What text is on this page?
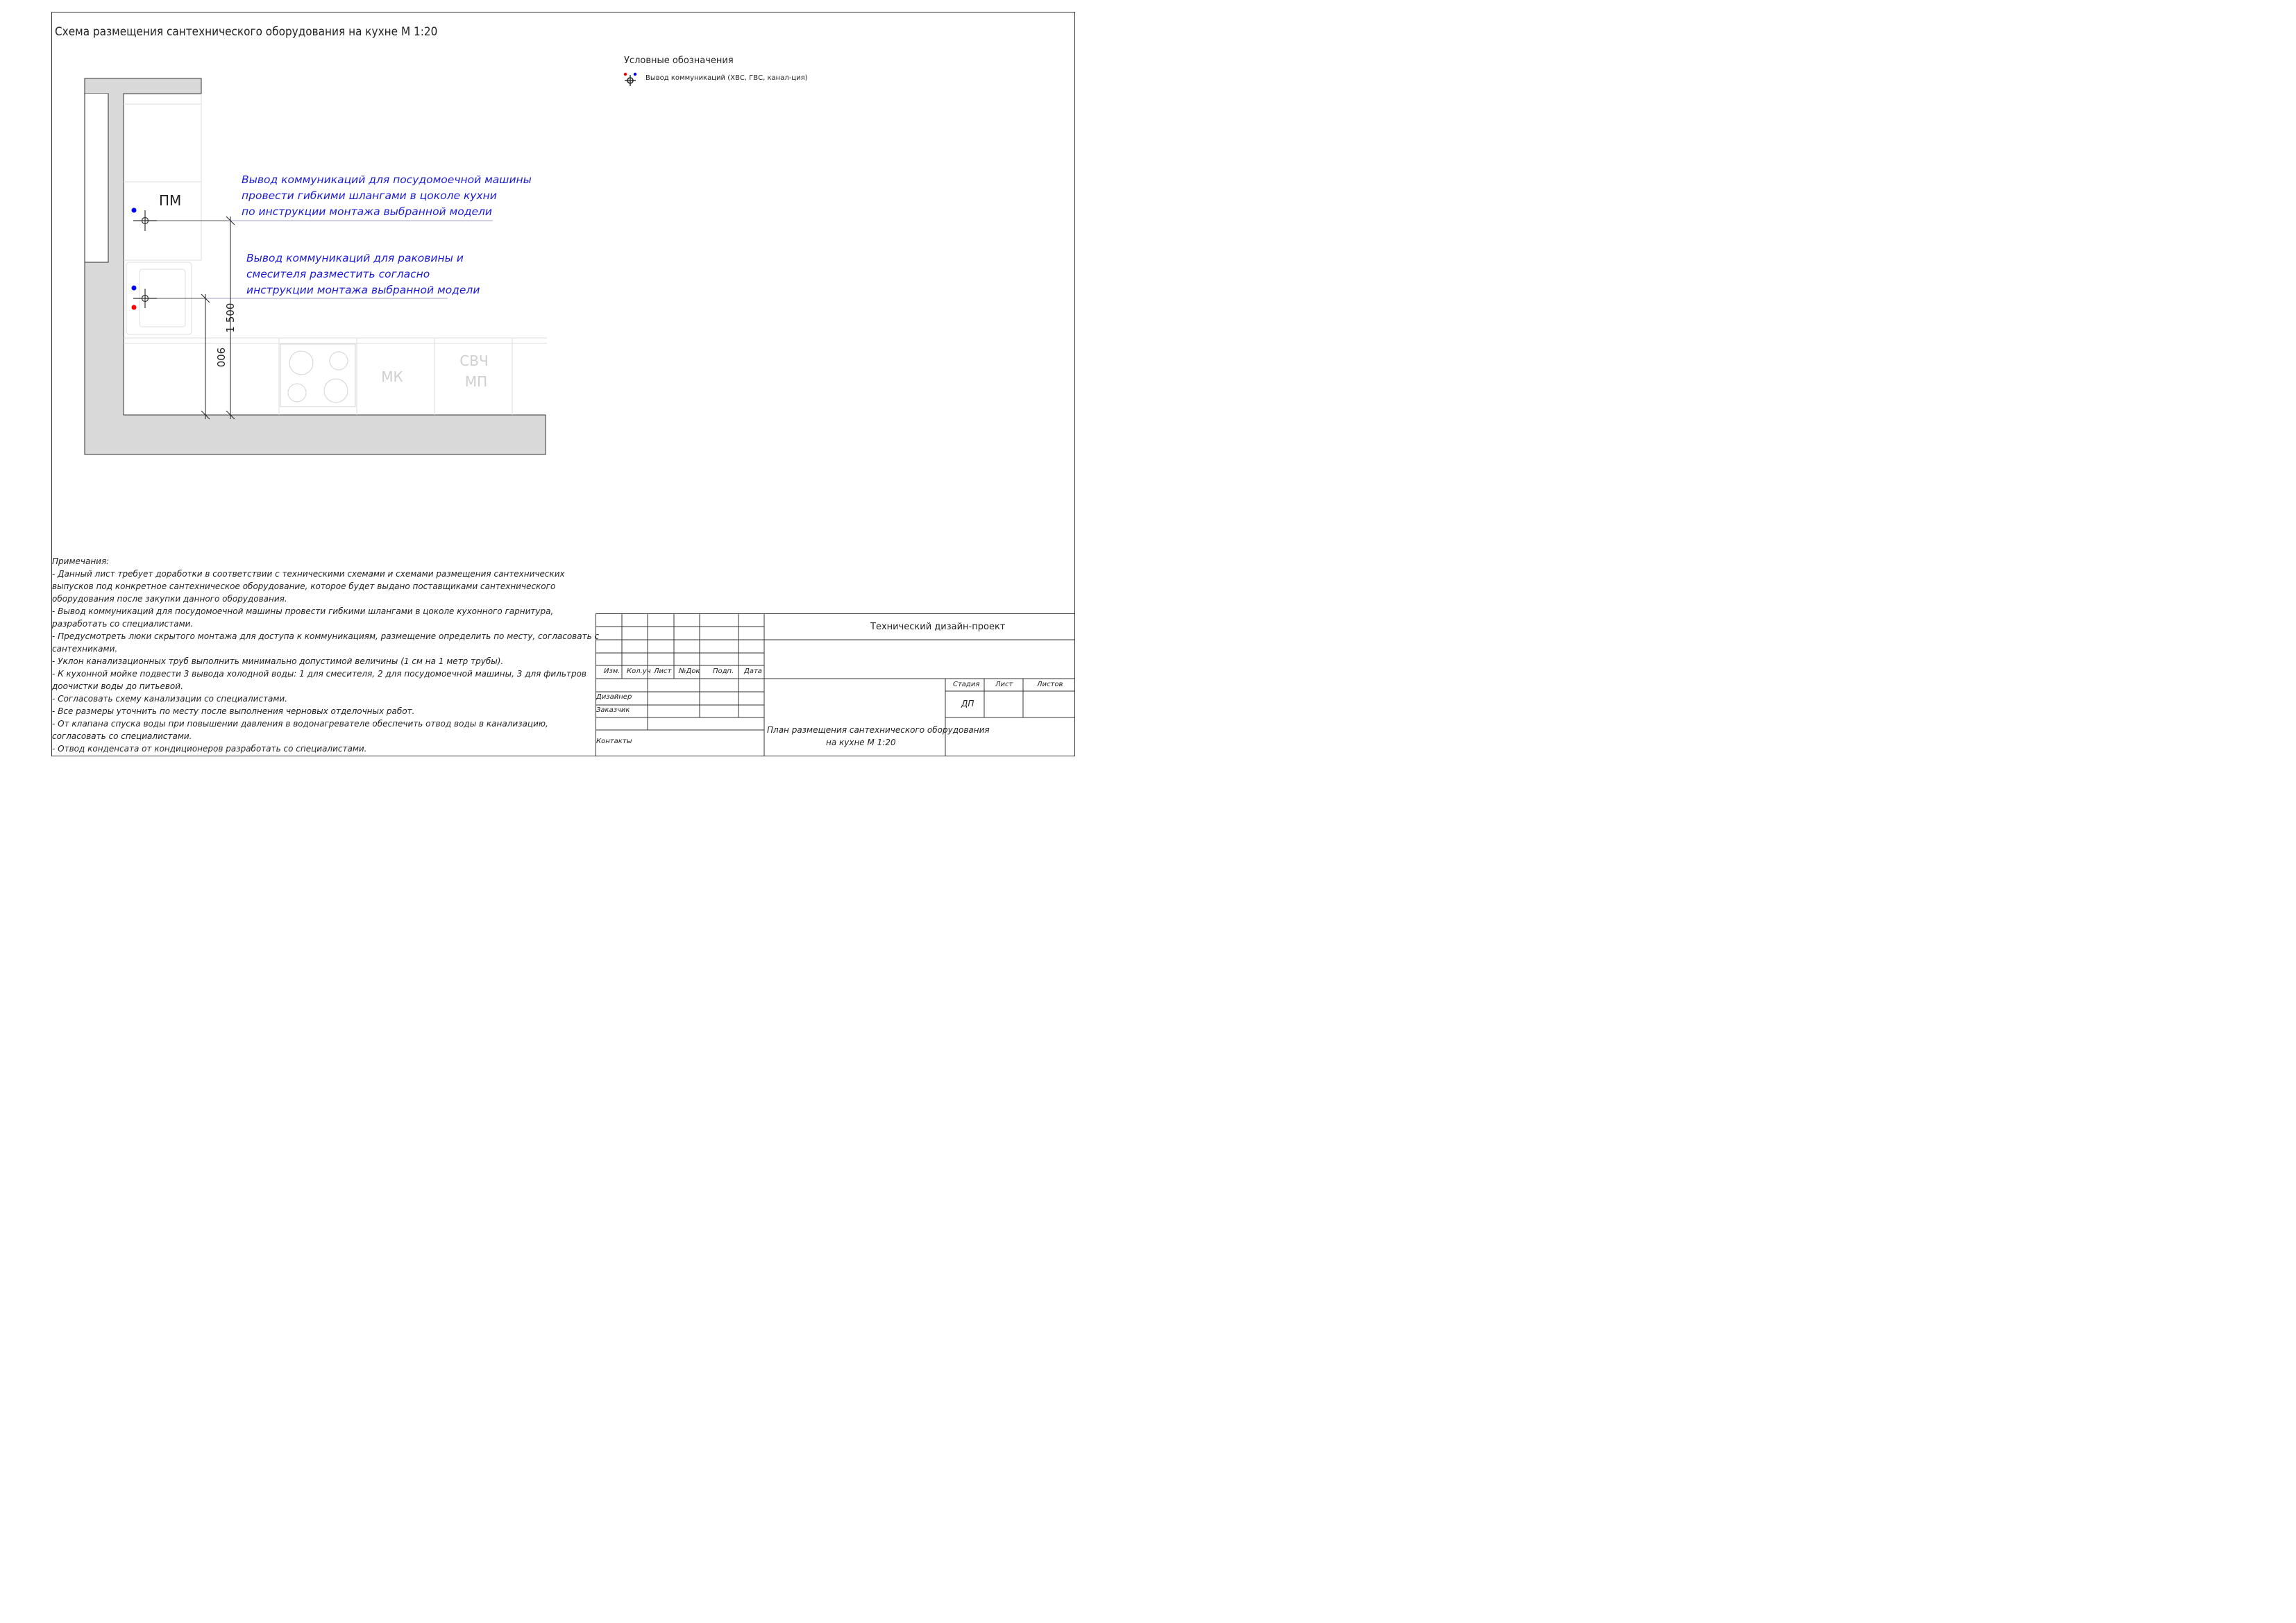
Схема размещения сантехнического оборудования на кухне М 1:20
Условные обозначения
Вывод коммуникаций (ХВС, ГВС, канал-ция)
МК
СВЧ
МП
ПМ
900
1 500
Вывод коммуникаций для посудомоечной машины
провести гибкими шлангами в цоколе кухни
по инструкции монтажа выбранной модели
Вывод коммуникаций для раковины и
смесителя разместить согласно
инструкции монтажа выбранной модели
Примечания:
- Данный лист требует доработки в соответствии с техническими схемами и схемами размещения сантехнических выпусков под конкретное сантехническое оборудование, которое будет выдано поставщиками сантехнического оборудования после закупки данного оборудования.
- Вывод коммуникаций для посудомоечной машины провести гибкими шлангами в цоколе кухонного гарнитура, разработать со специалистами.
- Предусмотреть люки скрытого монтажа для доступа к коммуникациям, размещение определить по месту, согласовать с сантехниками.
- Уклон канализационных труб выполнить минимально допустимой величины (1 см на 1 метр трубы).
- К кухонной мойке подвести 3 вывода холодной воды: 1 для смесителя, 2 для посудомоечной машины, 3 для фильтров доочистки воды до питьевой.
- Согласовать схему канализации со специалистами.
- Все размеры уточнить по месту после выполнения черновых отделочных работ.
- От клапана спуска воды при повышении давления в водонагревателе обеспечить отвод воды в канализацию, согласовать со специалистами.
- Отвод конденсата от кондиционеров разработать со специалистами.
Технический дизайн-проект
Изм. Кол.уч Лист №Док Подп. Дата
Дизайнер
Заказчик
Контакты
Стадия Лист	Листов
ДП
План размещения сантехнического оборудования
на кухне М 1:20
